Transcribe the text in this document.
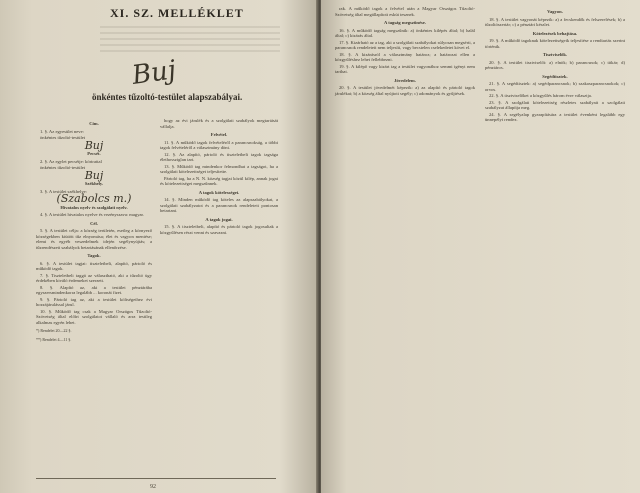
XI. SZ. MELLÉKLET
Buj
önkéntes tűzoltó-testület alapszabályai.

Cím.

1. §. Az egyesület neve:

önkéntes tűzoltó-testület

Buj

Pecsét.

2. §. Az egylet pecsétje: körirattal

önkéntes tűzoltó-testület

Buj

Székhely.

3. §. A testület székhelye:

(Szabolcs m.)

Hivatalos nyelv és szolgálati nyelv.

4. §. A testület hivatalos nyelve és vezényszava: magyar.

Cél.

5. §. A testület célja: a község területén, esetleg a környező községekben kiütött tűz elnyomása; élet és vagyon mentése; elemi és egyéb veszedelmek idején segélynyújtás; a tűzrendészeti szabályok betartásának ellenőrzése.

Tagok.

6. §. A testület tagjai: tiszteletbeli, alapító, pártoló és működő tagok.

7. §. Tiszteletbeli taggá az választható, aki a tűzoltó ügy érdekében kiváló érdemeket szerzett.

8. §. Alapító az, aki a testület pénztárába egyszersmindenkorra legalább ... koronát fizet.

9. §. Pártoló tag az, aki a testület költségeihez évi hozzájárulással járul.

10. §. Működő tag csak a Magyar Országos Tűzoltó-Szövetség által előírt szolgálatot vállaló és arra testileg alkalmas egyén lehet.

*) Rendelet 20—22 §.

**) Rendelet 4—11 §.

hogy az évi járulék és a szolgálati szabályok megtartását vállalja.

Felvétel.

11. §. A működő tagok felvételéről a parancsnokság, a többi tagok felvételéről a választmány dönt.

12. §. Az alapító, pártoló és tiszteletbeli tagok tagsága élethossziglan tart.

13. §. Működő tag mindenkor felmondhat a tagságot, ha a szolgálati kötelezettséget teljesítette.

Pártoló tag, ha a N. N. község tagjai közül kilép, annak jogai és kötelezettségei megszűnnek.

A tagok kötelességei.

14. §. Minden működő tag köteles az alapszabályokat, a szolgálati szabályzatot és a parancsnok rendeleteit pontosan betartani.

A tagok jogai.

15. §. A tiszteletbeli, alapító és pártoló tagok jogosultak a közgyűlésen részt venni és szavazni.

92

rak. A működő tagok a felvétel után a Magyar Országos Tűzoltó-Szövetség által megállapított esküt tesznek.

A tagság megszűnése.

16. §. A működő tagság megszűnik: a) önkéntes kilépés által; b) halál által; c) kizárás által.

17. §. Kizárható az a tag, aki a szolgálati szabályokat súlyosan megsérti, a parancsnok rendeleteit nem teljesíti, vagy becstelen cselekedetet követ el.

18. §. A kizárásról a választmány határoz; a határozat ellen a közgyűléshez lehet fellebbezni.

19. §. A kilépő vagy kizárt tag a testület vagyonához semmi igényt nem tarthat.

Jövedelem.

20. §. A testület jövedelmét képezik: a) az alapító és pártoló tagok járulékai; b) a község által nyújtott segély; c) adományok és gyűjtések.

Vagyon.

18. §. A testület vagyonát képezik: a) a fecskendők és felszerelések; b) a tűzoltószertár; c) a pénztári készlet.

Kötelezések behajtása.

19. §. A működő tagoknak kötelezettségeik teljesítése a rendtartás szerint történik.

Tisztviselők.

20. §. A testület tisztviselői: a) elnök; b) parancsnok; c) titkár; d) pénztáros.

Segédtisztek.

21. §. A segédtisztek: a) segédparancsnok; b) szakaszparancsnokok; c) orvos.

22. §. A tisztviselőket a közgyűlés három évre választja.

23. §. A szolgálati kötelezettség részletes szabályait a szolgálati szabályzat állapítja meg.

24. §. A segélyalap gyarapítására a testület évenként legalább egy ünnepélyt rendez.
